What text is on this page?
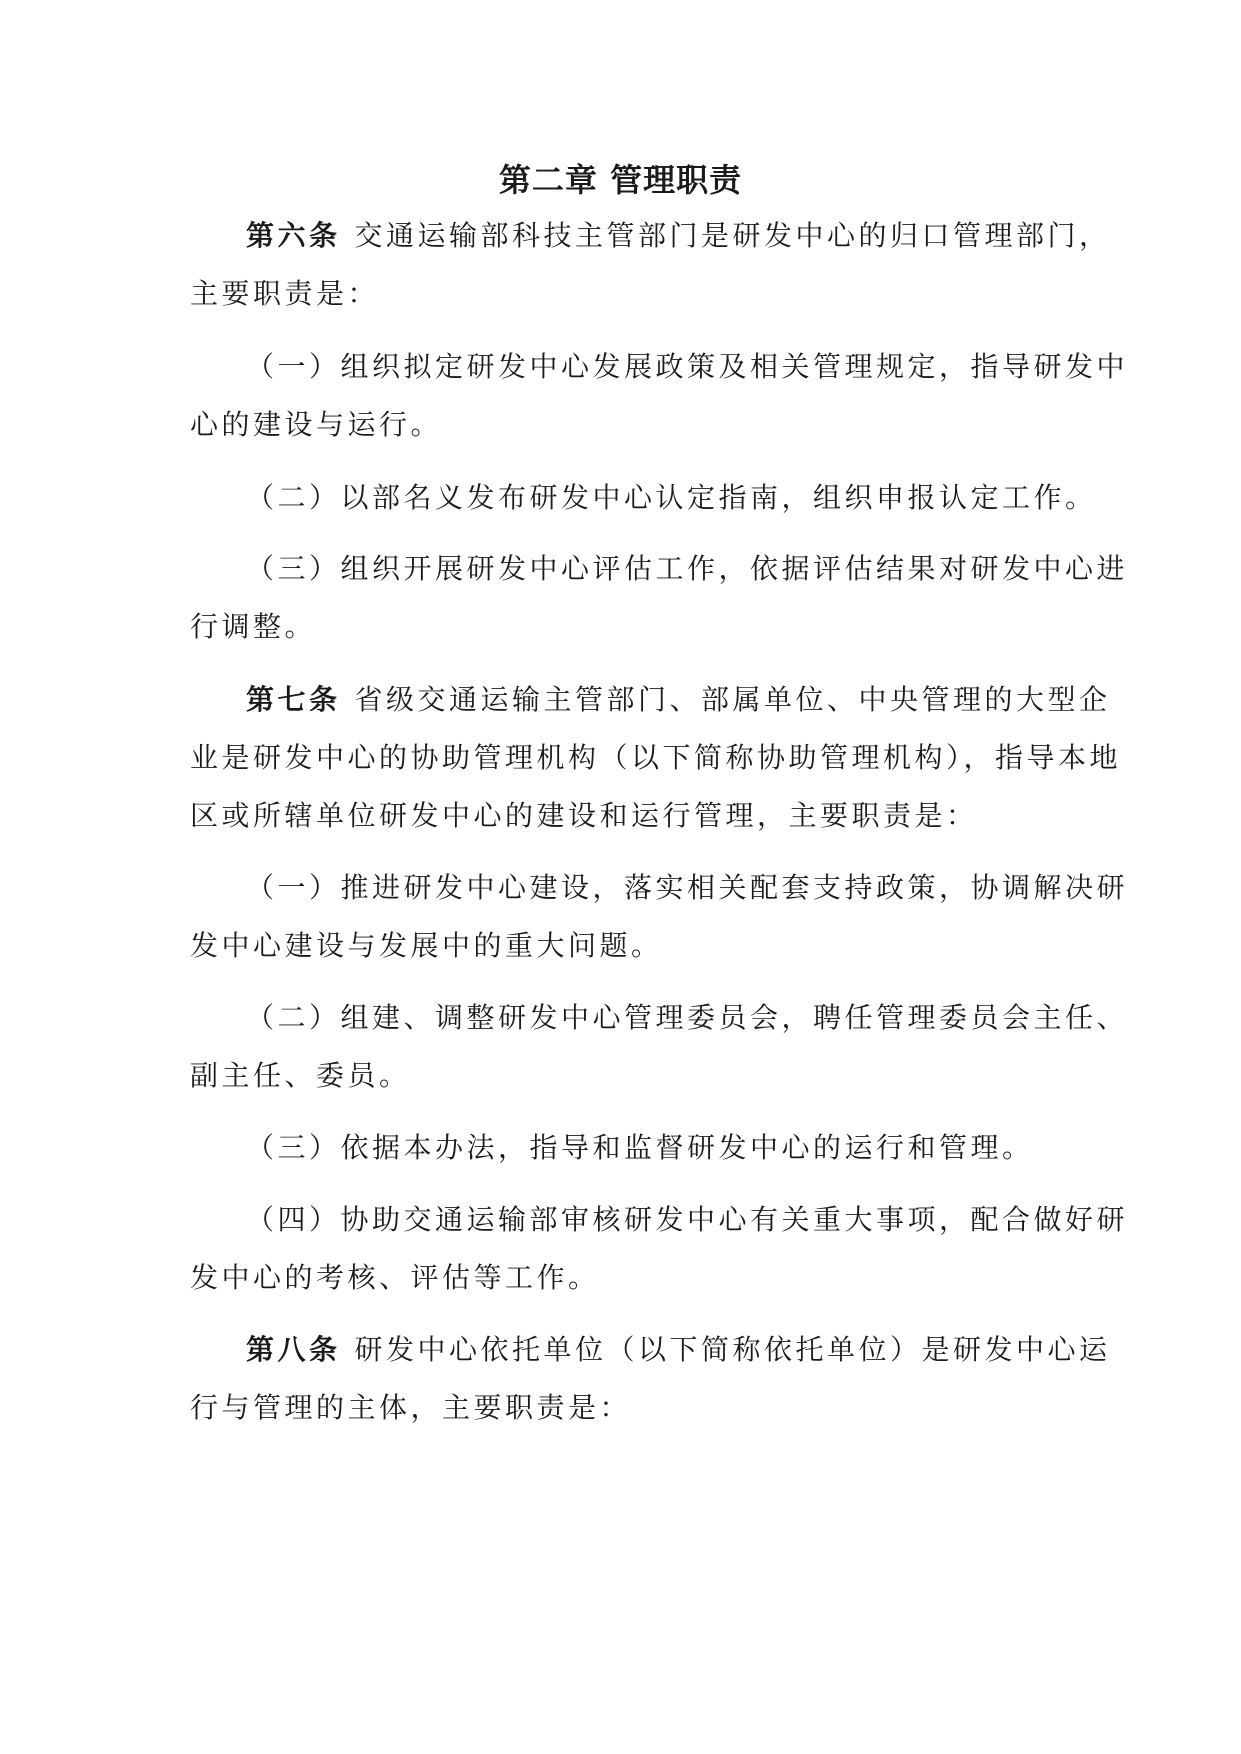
第二章 管理职责
第六条 交通运输部科技主管部门是研发中心的归口管理部门，
主要职责是：
（一）组织拟定研发中心发展政策及相关管理规定，指导研发中
心的建设与运行。
（二）以部名义发布研发中心认定指南，组织申报认定工作。
（三）组织开展研发中心评估工作，依据评估结果对研发中心进
行调整。
第七条 省级交通运输主管部门、部属单位、中央管理的大型企
业是研发中心的协助管理机构（以下简称协助管理机构），指导本地
区或所辖单位研发中心的建设和运行管理，主要职责是：
（一）推进研发中心建设，落实相关配套支持政策，协调解决研
发中心建设与发展中的重大问题。
（二）组建、调整研发中心管理委员会，聘任管理委员会主任、
副主任、委员。
（三）依据本办法，指导和监督研发中心的运行和管理。
（四）协助交通运输部审核研发中心有关重大事项，配合做好研
发中心的考核、评估等工作。
第八条 研发中心依托单位（以下简称依托单位）是研发中心运
行与管理的主体，主要职责是：
